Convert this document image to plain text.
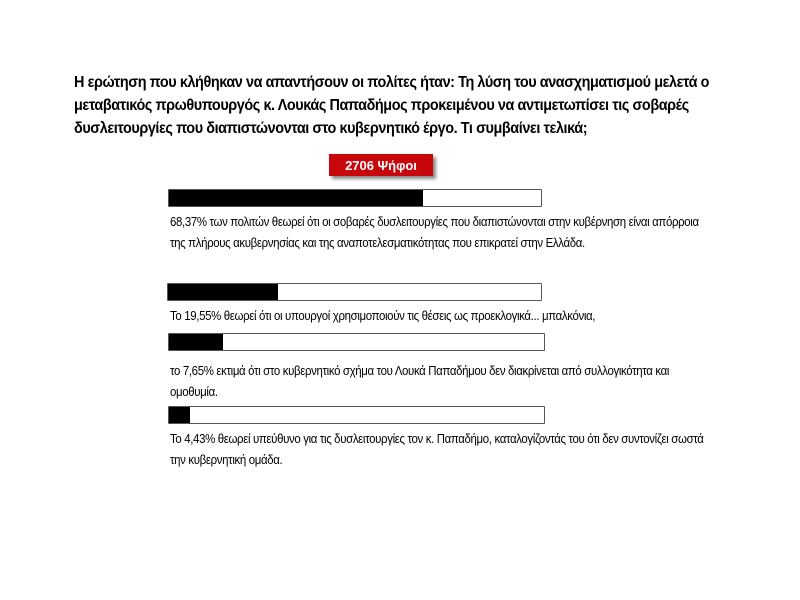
Η ερώτηση που κλήθηκαν να απαντήσουν οι πολίτες ήταν: Τη λύση του ανασχηματισμού μελετά ο μεταβατικός πρωθυπουργός κ. Λουκάς Παπαδήμος προκειμένου να αντιμετωπίσει τις σοβαρές δυσλειτουργίες που διαπιστώνονται στο κυβερνητικό έργο. Τι συμβαίνει τελικά;
2706 Ψήφοι
68,37% των πολιτών θεωρεί ότι οι σοβαρές δυσλειτουργίες που διαπιστώνονται στην κυβέρνηση είναι απόρροια της πλήρους ακυβερνησίας και της αναποτελεσματικότητας που επικρατεί στην Ελλάδα.
Το 19,55% θεωρεί ότι οι υπουργοί χρησιμοποιούν τις θέσεις ως προεκλογικά... μπαλκόνια,
το 7,65% εκτιμά ότι στο κυβερνητικό σχήμα του Λουκά Παπαδήμου δεν διακρίνεται από συλλογικότητα και ομοθυμία.
Το 4,43% θεωρεί υπεύθυνο για τις δυσλειτουργίες τον κ. Παπαδήμο, καταλογίζοντάς του ότι δεν συντονίζει σωστά την κυβερνητική ομάδα.
